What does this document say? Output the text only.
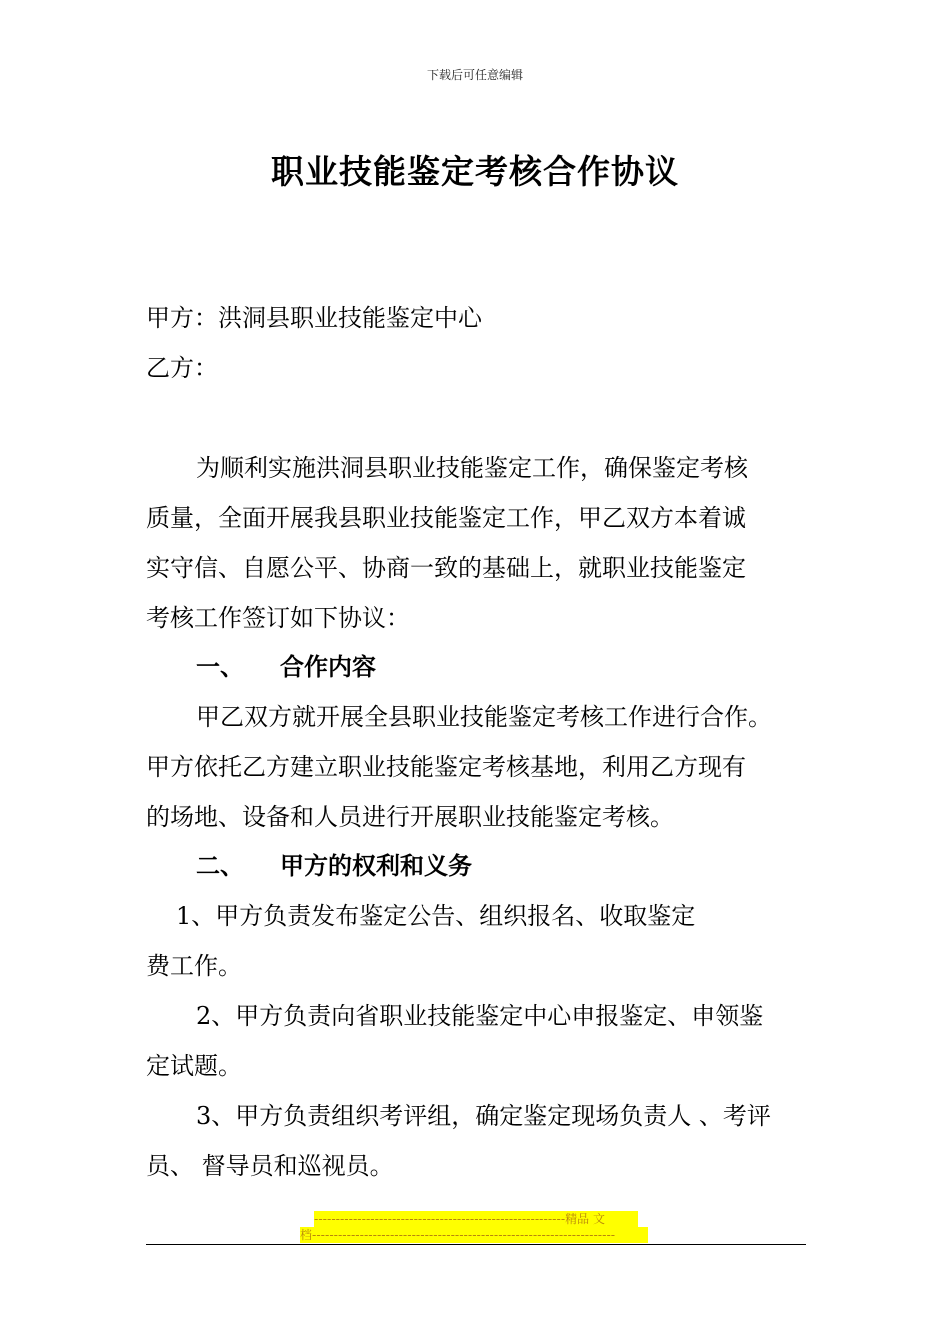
下载后可任意编辑
职业技能鉴定考核合作协议
甲方：洪洞县职业技能鉴定中心
乙方：
为顺利实施洪洞县职业技能鉴定工作，确保鉴定考核
质量，全面开展我县职业技能鉴定工作，甲乙双方本着诚
实守信、自愿公平、协商一致的基础上，就职业技能鉴定
考核工作签订如下协议：
一、 合作内容
甲乙双方就开展全县职业技能鉴定考核工作进行合作。
甲方依托乙方建立职业技能鉴定考核基地，利用乙方现有
的场地、设备和人员进行开展职业技能鉴定考核。
二、 甲方的权利和义务
1、甲方负责发布鉴定公告、组织报名、收取鉴定
费工作。
2、甲方负责向省职业技能鉴定中心申报鉴定、申领鉴
定试题。
3、甲方负责组织考评组，确定鉴定现场负责人 、考评
员、 督导员和巡视员。
----------------------------------------------------------精品 文
档----------------------------------------------------------------------
